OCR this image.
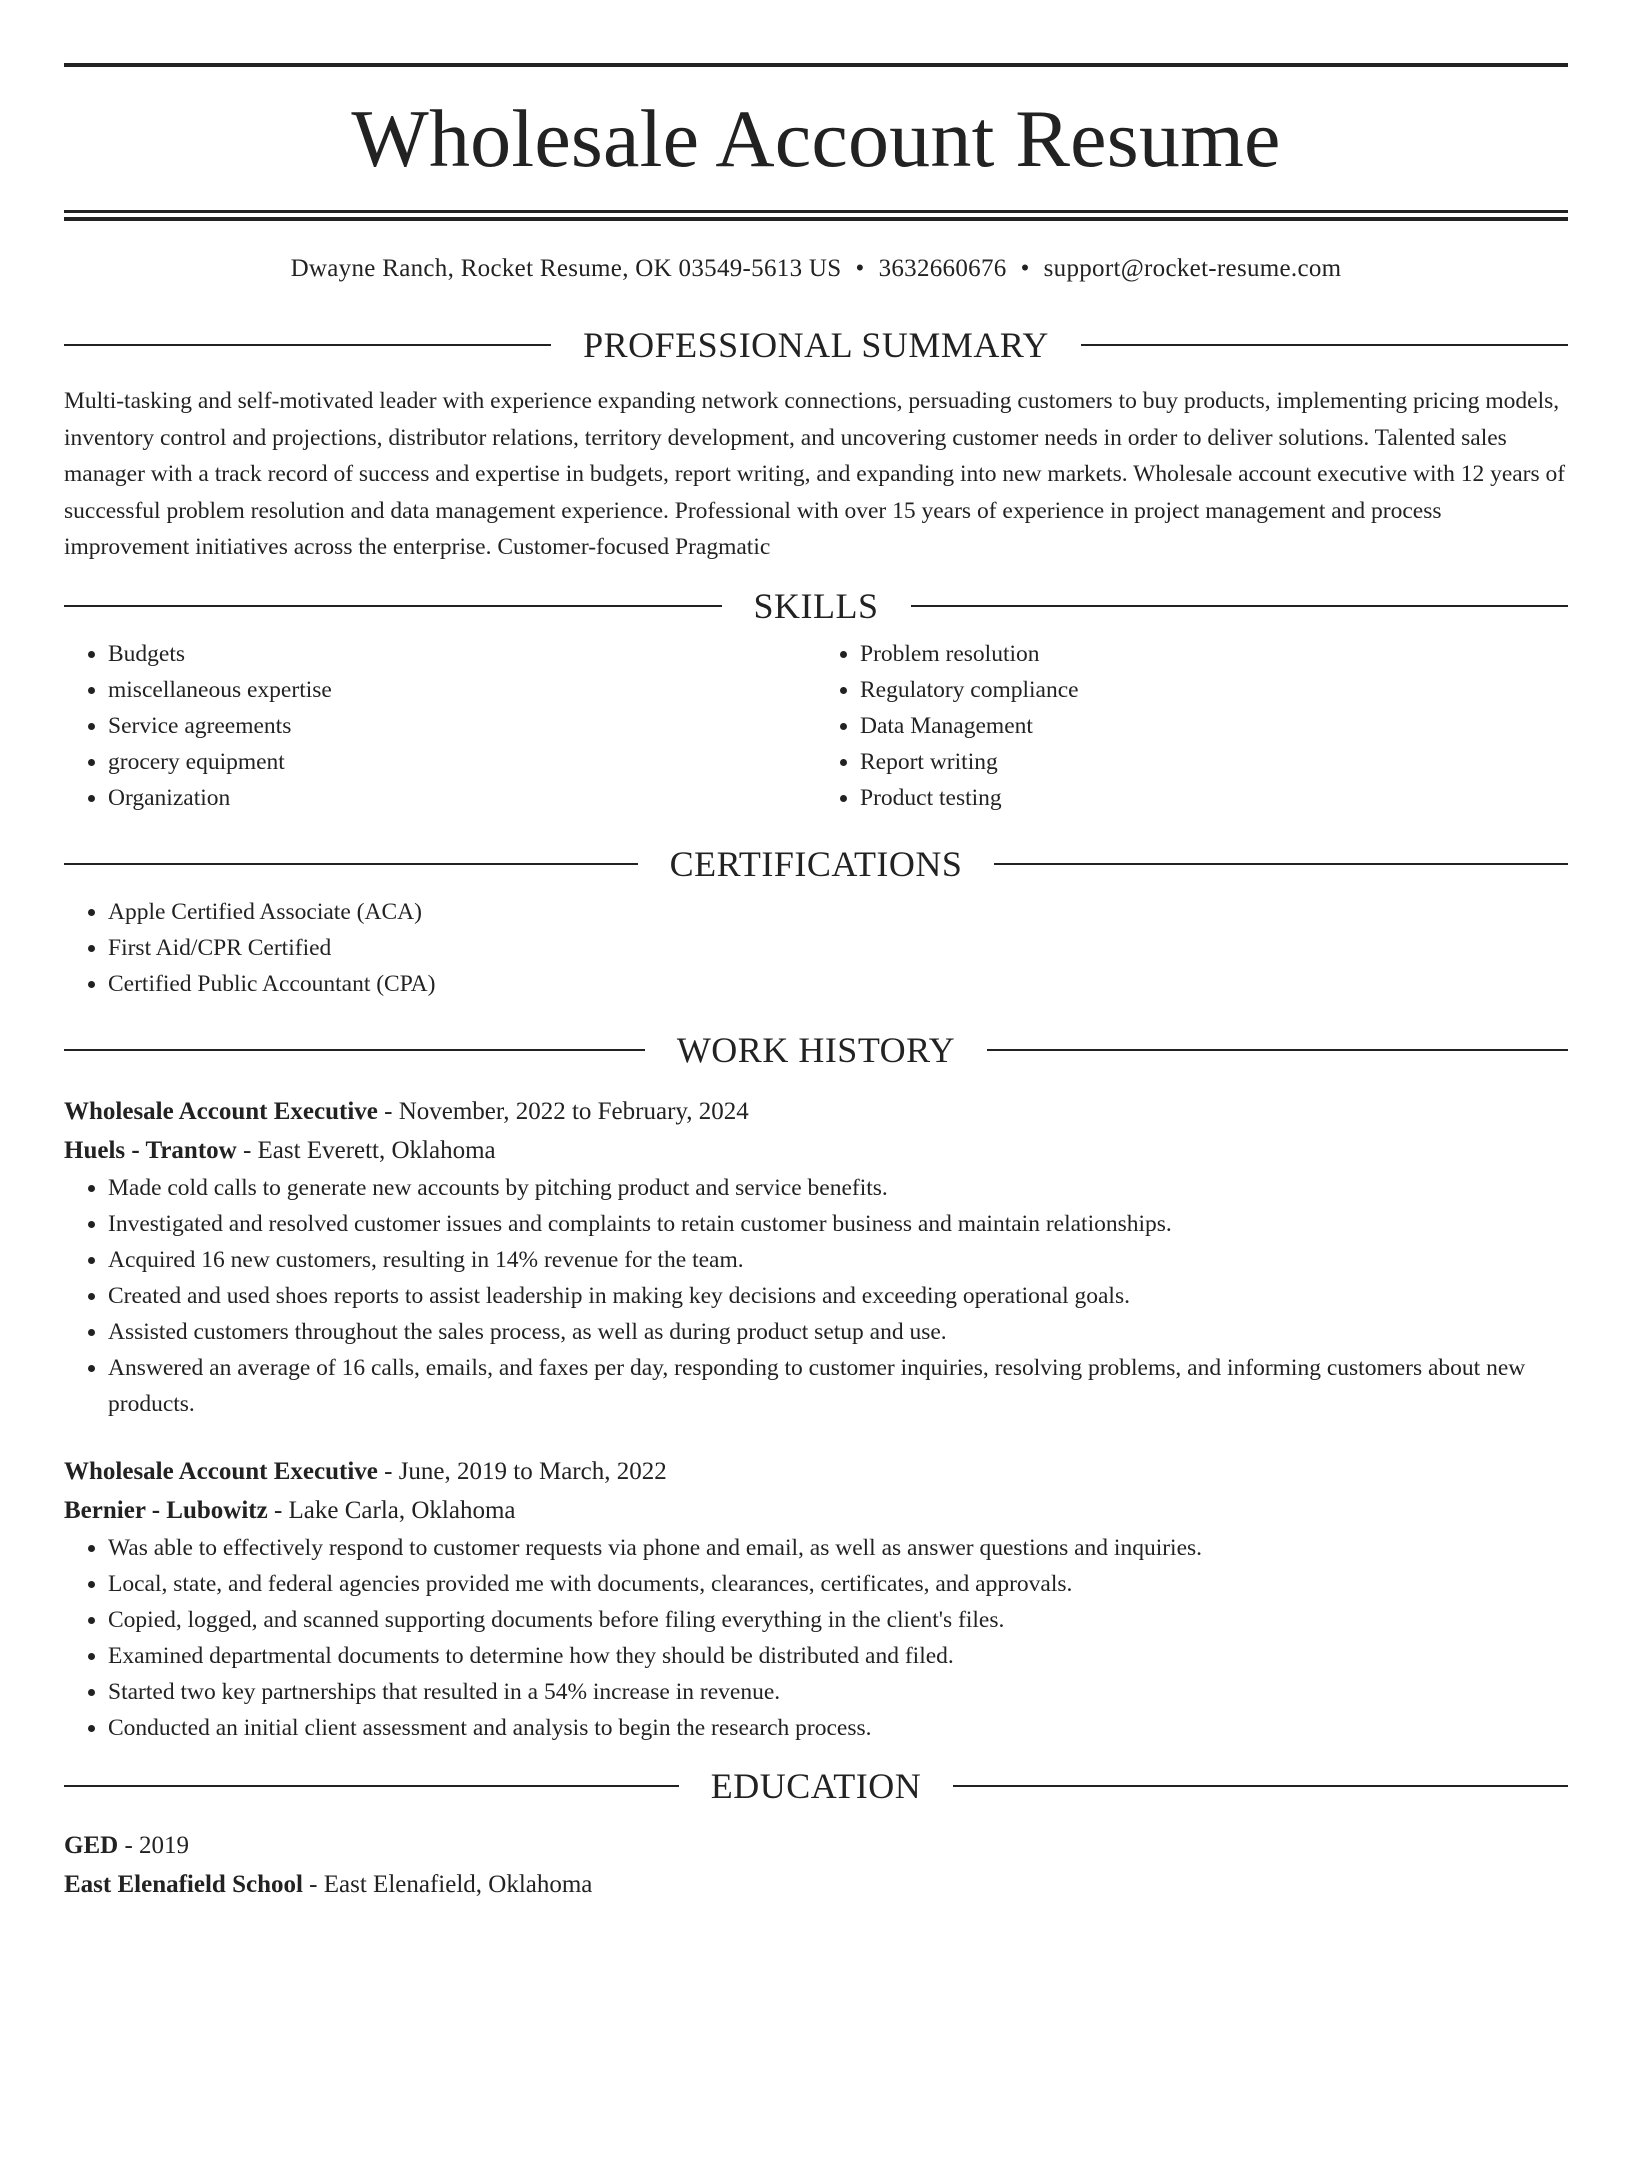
Wholesale Account Resume
Dwayne Ranch, Rocket Resume, OK 03549-5613 US • 3632660676 • support@rocket-resume.com
PROFESSIONAL SUMMARY

Multi-tasking and self-motivated leader with experience expanding network connections, persuading customers to buy products, implementing pricing models, inventory control and projections, distributor relations, territory development, and uncovering customer needs in order to deliver solutions. Talented sales manager with a track record of success and expertise in budgets, report writing, and expanding into new markets. Wholesale account executive with 12 years of successful problem resolution and data management experience. Professional with over 15 years of experience in project management and process improvement initiatives across the enterprise. Customer-focused Pragmatic

SKILLS
• Budgets
• miscellaneous expertise
• Service agreements
• grocery equipment
• Organization
• Problem resolution
• Regulatory compliance
• Data Management
• Report writing
• Product testing
CERTIFICATIONS
• Apple Certified Associate (ACA)
• First Aid/CPR Certified
• Certified Public Accountant (CPA)
WORK HISTORY
Wholesale Account Executive - November, 2022 to February, 2024
Huels - Trantow - East Everett, Oklahoma
• Made cold calls to generate new accounts by pitching product and service benefits.
• Investigated and resolved customer issues and complaints to retain customer business and maintain relationships.
• Acquired 16 new customers, resulting in 14% revenue for the team.
• Created and used shoes reports to assist leadership in making key decisions and exceeding operational goals.
• Assisted customers throughout the sales process, as well as during product setup and use.
• Answered an average of 16 calls, emails, and faxes per day, responding to customer inquiries, resolving problems, and informing customers about new products.
Wholesale Account Executive - June, 2019 to March, 2022
Bernier - Lubowitz - Lake Carla, Oklahoma
• Was able to effectively respond to customer requests via phone and email, as well as answer questions and inquiries.
• Local, state, and federal agencies provided me with documents, clearances, certificates, and approvals.
• Copied, logged, and scanned supporting documents before filing everything in the client's files.
• Examined departmental documents to determine how they should be distributed and filed.
• Started two key partnerships that resulted in a 54% increase in revenue.
• Conducted an initial client assessment and analysis to begin the research process.
EDUCATION
GED - 2019
East Elenafield School - East Elenafield, Oklahoma
